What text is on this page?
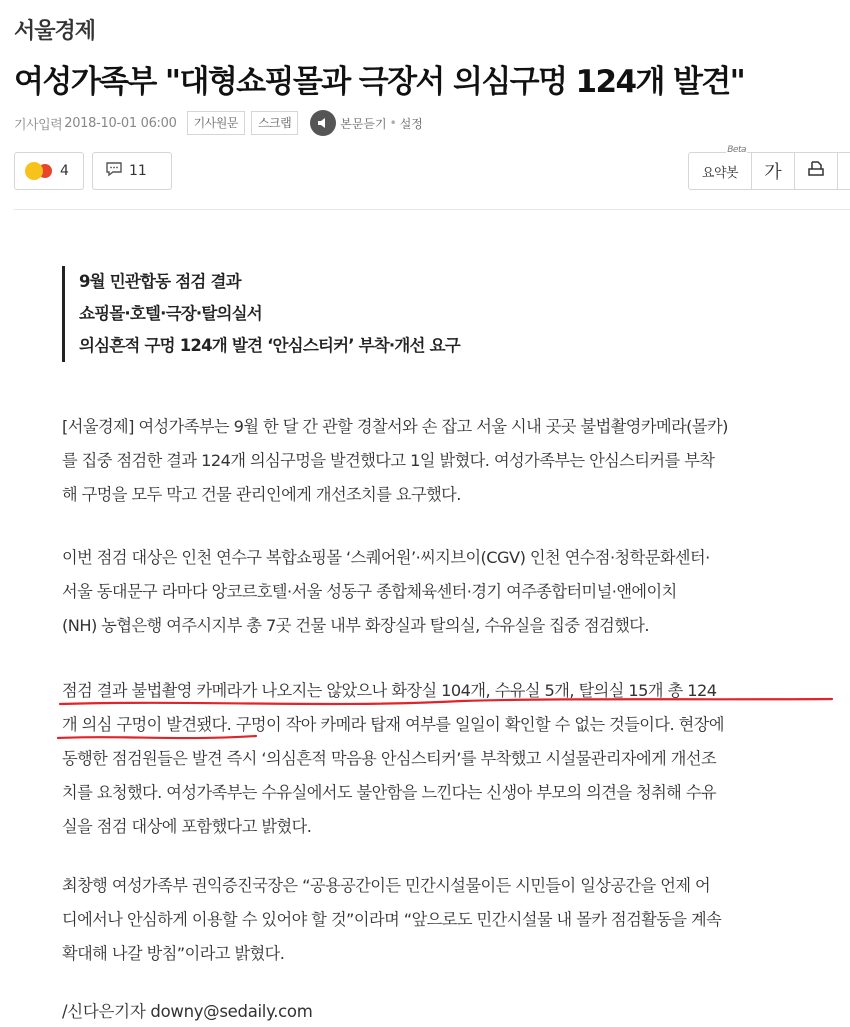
서울경제
여성가족부 "대형쇼핑몰과 극장서 의심구멍 124개 발견"
기사입력 2018-10-01 06:00	기사원문	스크랩	본문듣기 • 설정
4	11	요약봇
Beta
가
9월 민관합동 점검 결과
쇼핑몰·호텔·극장·탈의실서
의심흔적 구멍 124개 발견 ‘안심스티커’ 부착·개선 요구
[서울경제] 여성가족부는 9월 한 달 간 관할 경찰서와 손 잡고 서울 시내 곳곳 불법촬영카메라(몰카)
를 집중 점검한 결과 124개 의심구멍을 발견했다고 1일 밝혔다. 여성가족부는 안심스티커를 부착
해 구멍을 모두 막고 건물 관리인에게 개선조치를 요구했다.
이번 점검 대상은 인천 연수구 복합쇼핑몰 ‘스퀘어원’·씨지브이(CGV) 인천 연수점·청학문화센터·
서울 동대문구 라마다 앙코르호텔·서울 성동구 종합체육센터·경기 여주종합터미널·앤에이치
(NH) 농협은행 여주시지부 총 7곳 건물 내부 화장실과 탈의실, 수유실을 집중 점검했다.
점검 결과 불법촬영 카메라가 나오지는 않았으나 화장실 104개, 수유실 5개, 탈의실 15개 총 124
개 의심 구멍이 발견됐다. 구멍이 작아 카메라 탑재 여부를 일일이 확인할 수 없는 것들이다. 현장에
동행한 점검원들은 발견 즉시 ‘의심흔적 막음용 안심스티커’를 부착했고 시설물관리자에게 개선조
치를 요청했다. 여성가족부는 수유실에서도 불안함을 느낀다는 신생아 부모의 의견을 청취해 수유
실을 점검 대상에 포함했다고 밝혔다.
최창행 여성가족부 권익증진국장은 “공용공간이든 민간시설물이든 시민들이 일상공간을 언제 어
디에서나 안심하게 이용할 수 있어야 할 것”이라며 “앞으로도 민간시설물 내 몰카 점검활동을 계속
확대해 나갈 방침”이라고 밝혔다.
/신다은기자 downy@sedaily.com
